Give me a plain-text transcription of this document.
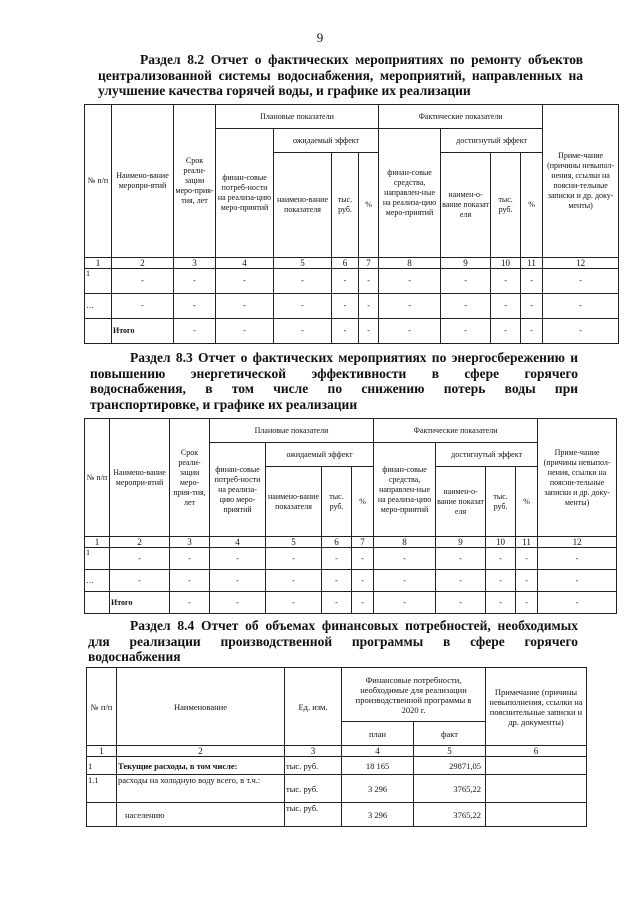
9
Раздел 8.2 Отчет о фактических мероприятиях по ремонту объектов
централизованной системы водоснабжения, мероприятий, направленных на
улучшение качества горячей воды, и графике их реализации
№ п/п	Наимено-вание меропри-ятий	Срок реали-зации меро-прия-тия, лет	Плановые показатели				Фактические показатели				Приме-чание (причины невыпол-нения, ссылки на поясни-тельные записки и др. доку-менты)
			финан-совые потреб-ности на реализа-цию меро-приятий	ожидаемый эффект			финан-совые средства, направлен-ные на реализа-цию меро-приятий	достигнутый эффект			
				наимено-вание показателя	тыс. руб.	%		наимен-о-вание показат еля	тыс. руб.	%	
1	2	3	4	5	6	7	8	9	10	11	12
1	-	-	-	-	-	-	-	-	-	-	-
…	-	-	-	-	-	-	-	-	-	-	-
	Итого	-	-	-	-	-	-	-	-	-	-
Раздел 8.3 Отчет о фактических мероприятиях по энергосбережению и
повышению энергетической эффективности в сфере горячего
водоснабжения, в том числе по снижению потерь воды при
транспортировке, и графике их реализации
№ п/п	Наимено-вание меропри-ятий	Срок реали-зации меро-прия-тия, лет	Плановые показатели				Фактические показатели				Приме-чание (причины невыпол-нения, ссылки на поясни-тельные записки и др. доку-менты)
			финан-совые потреб-ности на реализа-цию меро-приятий	ожидаемый эффект			финан-совые средства, направлен-ные на реализа-цию меро-приятий	достигнутый эффект			
				наимено-вание показателя	тыс. руб.	%		наимен-о-вание показат еля	тыс. руб.	%	
1	2	3	4	5	6	7	8	9	10	11	12
1	-	-	-	-	-	-	-	-	-	-	-
…	-	-	-	-	-	-	-	-	-	-	-
	Итого	-	-	-	-	-	-	-	-	-	-
Раздел 8.4 Отчет об объемах финансовых потребностей, необходимых
для реализации производственной программы в сфере горячего
водоснабжения
№ п/п	Наименование	Ед. изм.	Финансовые потребности, необходимые для реализации производственной программы в 2020 г.		Примечание (причины невыполнения, ссылки на пояснительные записки и др. документы)
			план	факт	
1	2	3	4	5	6
1	Текущие расходы, в том числе:	тыс. руб.	18 165	29871,05	
1.1	расходы на холодную воду всего, в т.ч.:	тыс. руб.	3 296	3765,22	
	населению	тыс. руб.	3 296	3765,22	
